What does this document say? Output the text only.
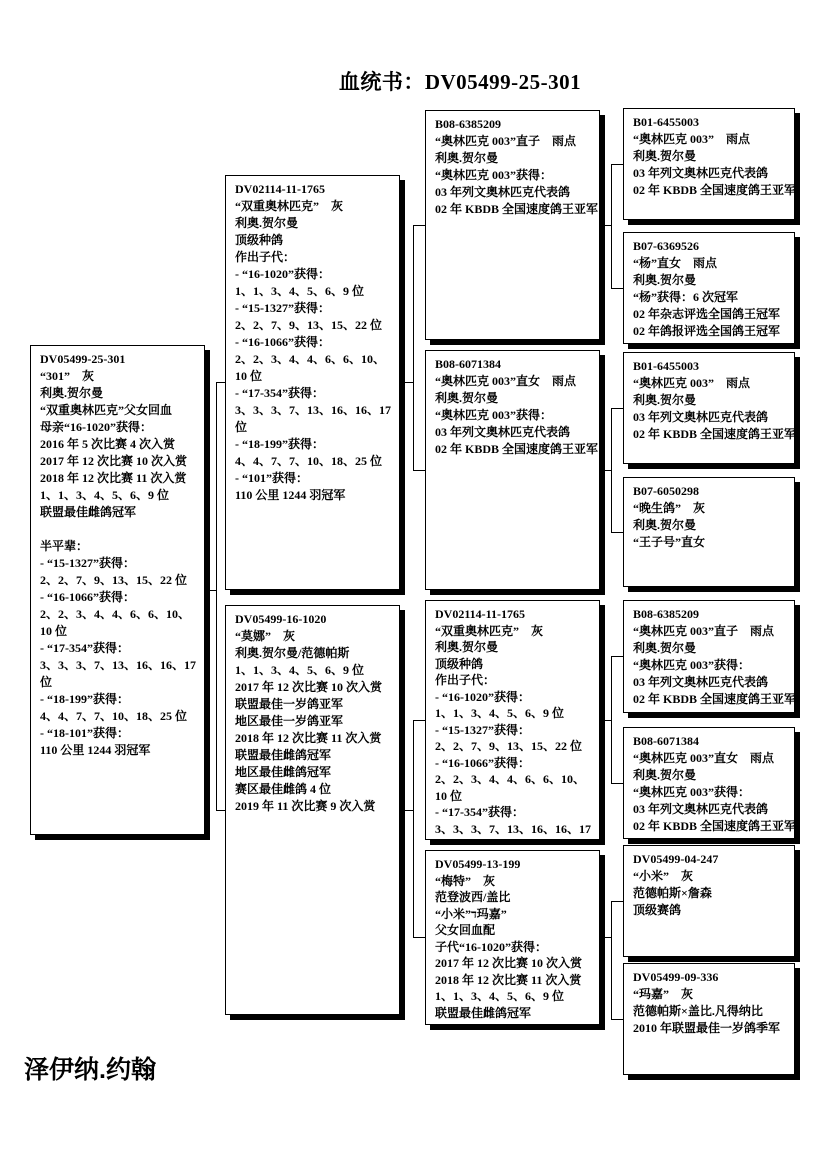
血统书：DV05499-25-301
DV05499-25-301
“301”　灰
利奥.贺尔曼
“双重奥林匹克”父女回血
母亲“16-1020”获得：
2016 年 5 次比赛 4 次入赏
2017 年 12 次比赛 10 次入赏
2018 年 12 次比赛 11 次入赏
1、1、3、4、5、6、9 位
联盟最佳雌鸽冠军

半平辈：
- “15-1327”获得：
2、2、7、9、13、15、22 位
- “16-1066”获得：
2、2、3、4、4、6、6、10、
10 位
- “17-354”获得：
3、3、3、7、13、16、16、17
位
- “18-199”获得：
4、4、7、7、10、18、25 位
- “18-101”获得：
110 公里 1244 羽冠军
DV02114-11-1765
“双重奥林匹克”　灰
利奥.贺尔曼
顶级种鸽
作出子代：
- “16-1020”获得：
1、1、3、4、5、6、9 位
- “15-1327”获得：
2、2、7、9、13、15、22 位
- “16-1066”获得：
2、2、3、4、4、6、6、10、
10 位
- “17-354”获得：
3、3、3、7、13、16、16、17
位
- “18-199”获得：
4、4、7、7、10、18、25 位
- “101”获得：
110 公里 1244 羽冠军
DV05499-16-1020
“莫娜”　灰
利奥.贺尔曼/范德帕斯
1、1、3、4、5、6、9 位
2017 年 12 次比赛 10 次入赏
联盟最佳一岁鸽亚军
地区最佳一岁鸽亚军
2018 年 12 次比赛 11 次入赏
联盟最佳雌鸽冠军
地区最佳雌鸽冠军
赛区最佳雌鸽 4 位
2019 年 11 次比赛 9 次入赏
B08-6385209
“奥林匹克 003”直子　雨点
利奥.贺尔曼
“奥林匹克 003”获得：
03 年列文奥林匹克代表鸽
02 年 KBDB 全国速度鸽王亚军
B08-6071384
“奥林匹克 003”直女　雨点
利奥.贺尔曼
“奥林匹克 003”获得：
03 年列文奥林匹克代表鸽
02 年 KBDB 全国速度鸽王亚军
DV02114-11-1765
“双重奥林匹克”　灰
利奥.贺尔曼
顶级种鸽
作出子代：
- “16-1020”获得：
1、1、3、4、5、6、9 位
- “15-1327”获得：
2、2、7、9、13、15、22 位
- “16-1066”获得：
2、2、3、4、4、6、6、10、
10 位
- “17-354”获得：
3、3、3、7、13、16、16、17
DV05499-13-199
“梅特”　灰
范登波西/盖比
“小米”ד玛嘉”
父女回血配
子代“16-1020”获得：
2017 年 12 次比赛 10 次入赏
2018 年 12 次比赛 11 次入赏
1、1、3、4、5、6、9 位
联盟最佳雌鸽冠军
B01-6455003
“奥林匹克 003”　雨点
利奥.贺尔曼
03 年列文奥林匹克代表鸽
02 年 KBDB 全国速度鸽王亚军
B07-6369526
“杨”直女　雨点
利奥.贺尔曼
“杨”获得：6 次冠军
02 年杂志评选全国鸽王冠军
02 年鸽报评选全国鸽王冠军
B01-6455003
“奥林匹克 003”　雨点
利奥.贺尔曼
03 年列文奥林匹克代表鸽
02 年 KBDB 全国速度鸽王亚军
B07-6050298
“晚生鸽”　灰
利奥.贺尔曼
“王子号”直女
B08-6385209
“奥林匹克 003”直子　雨点
利奥.贺尔曼
“奥林匹克 003”获得：
03 年列文奥林匹克代表鸽
02 年 KBDB 全国速度鸽王亚军
B08-6071384
“奥林匹克 003”直女　雨点
利奥.贺尔曼
“奥林匹克 003”获得：
03 年列文奥林匹克代表鸽
02 年 KBDB 全国速度鸽王亚军
DV05499-04-247
“小米”　灰
范德帕斯×詹森
顶级赛鸽
DV05499-09-336
“玛嘉”　灰
范德帕斯×盖比.凡得纳比
2010 年联盟最佳一岁鸽季军
泽伊纳.约翰
